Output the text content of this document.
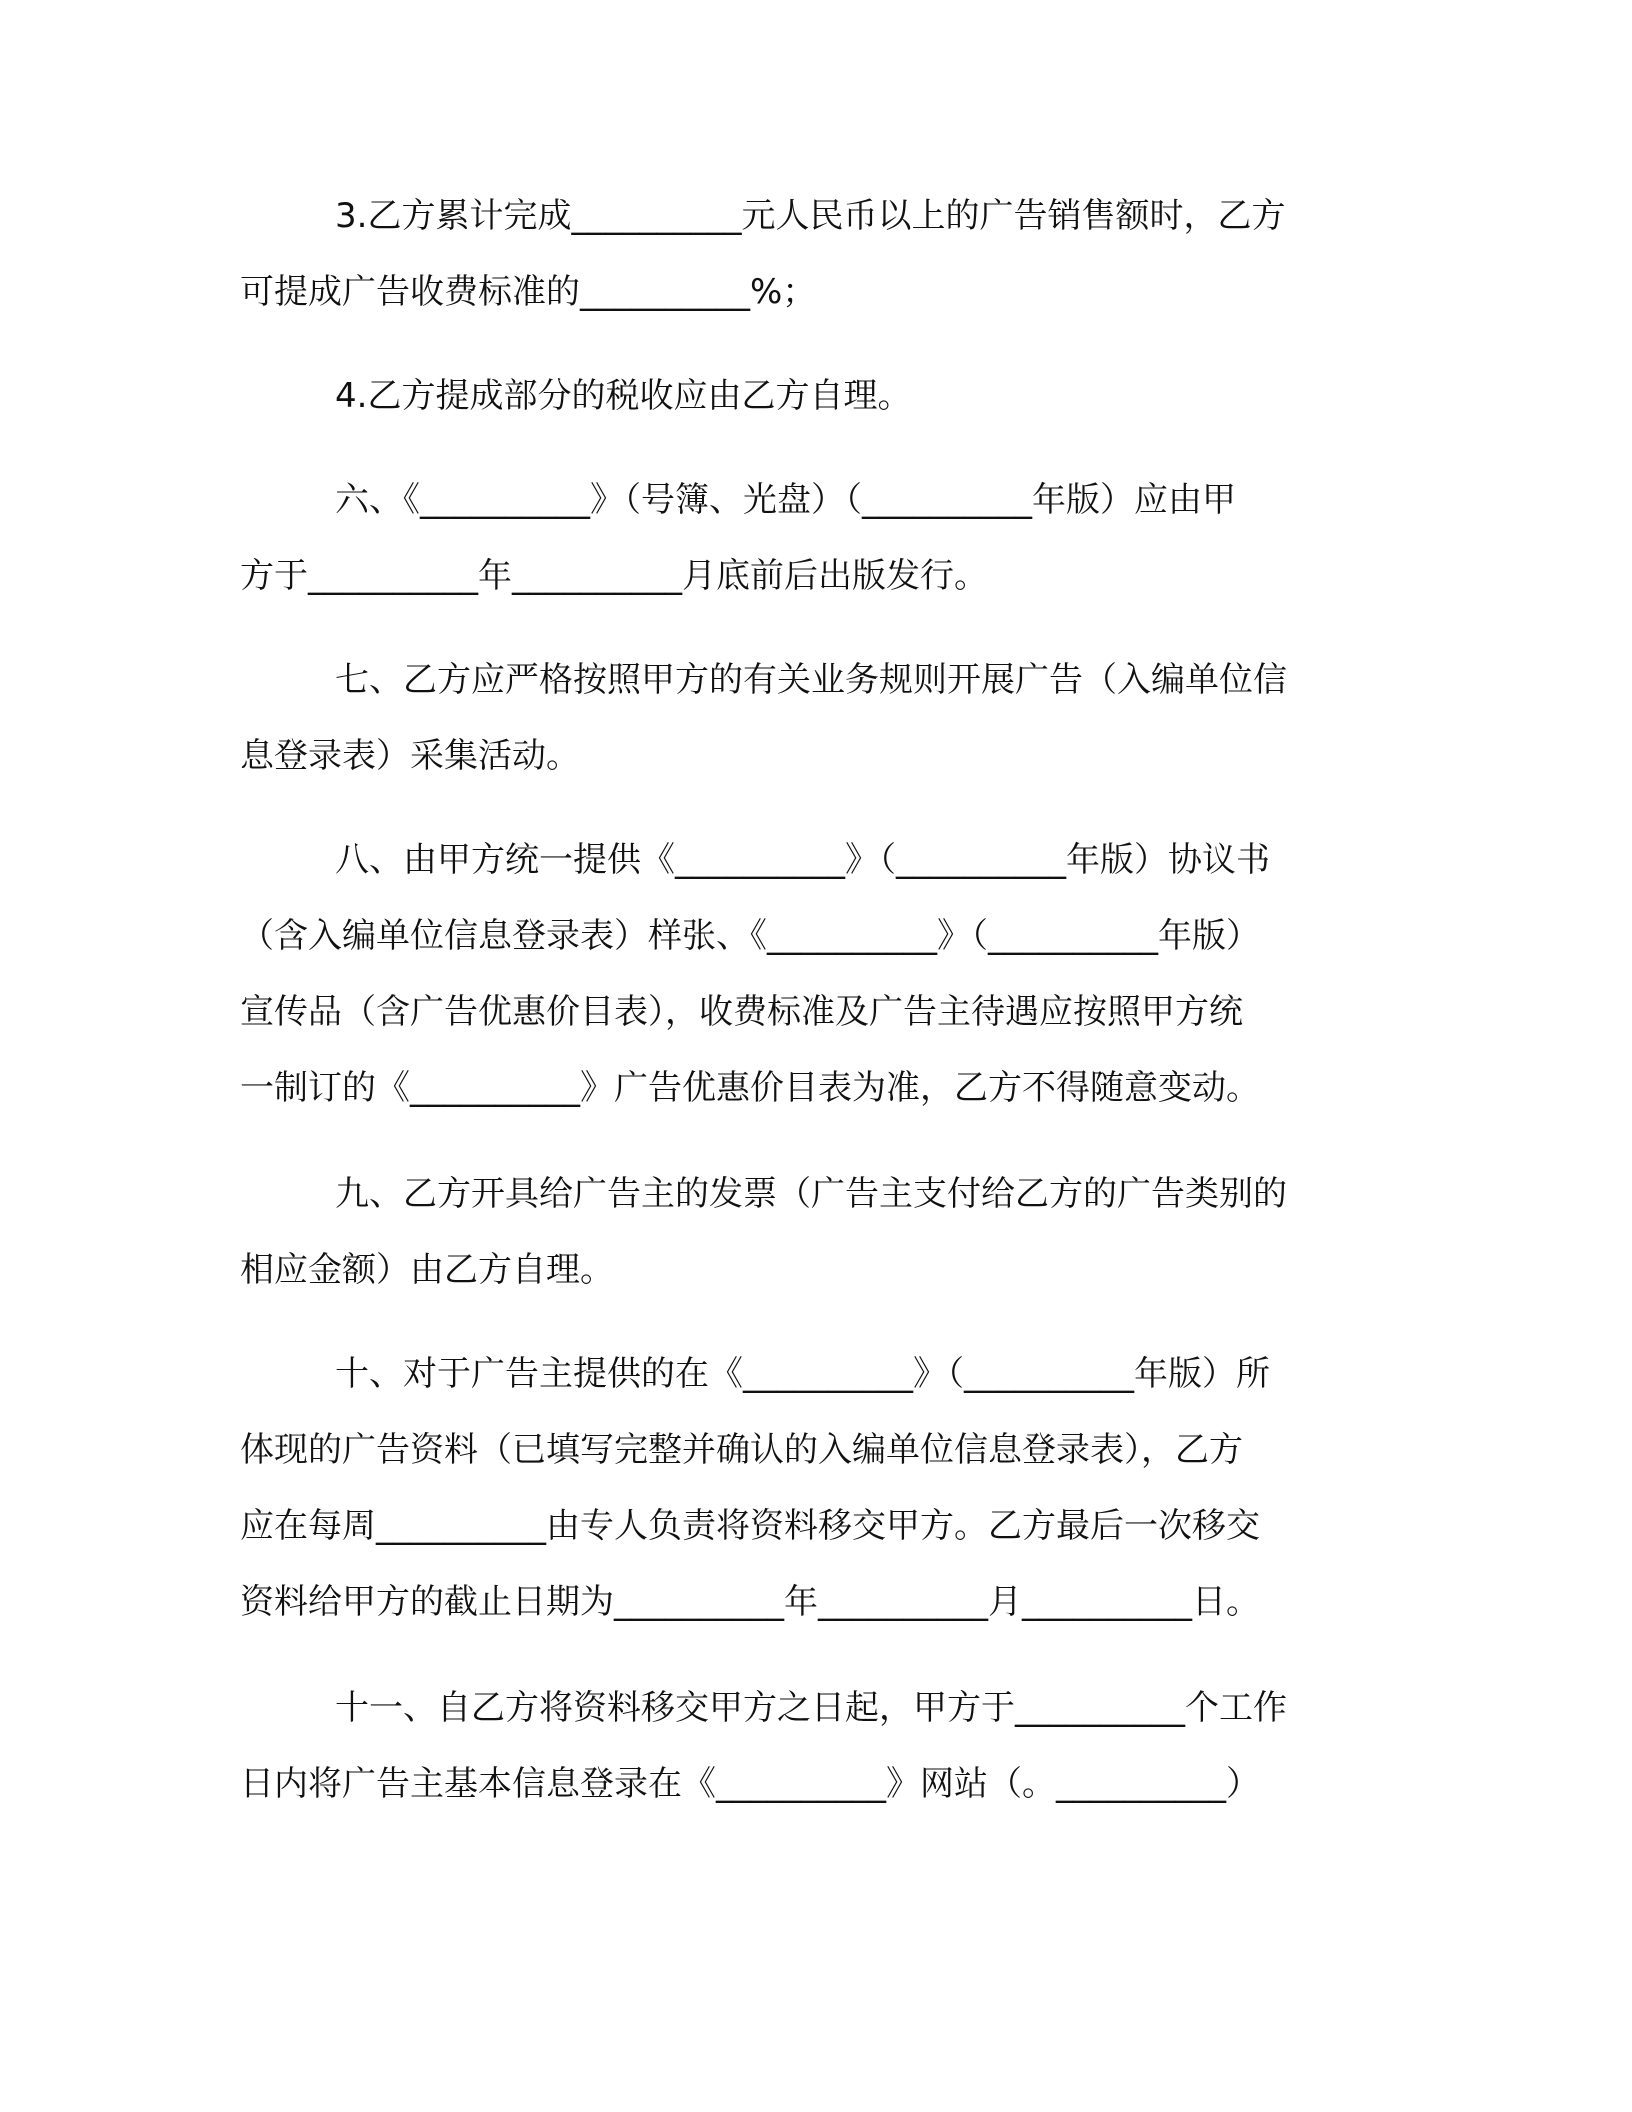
3.乙方累计完成__________元人民币以上的广告销售额时，乙方
可提成广告收费标准的__________%；
4.乙方提成部分的税收应由乙方自理。
六、《__________》（号簿、光盘）（__________年版）应由甲
方于__________年__________月底前后出版发行。
七、乙方应严格按照甲方的有关业务规则开展广告（入编单位信
息登录表）采集活动。
八、由甲方统一提供《__________》（__________年版）协议书
（含入编单位信息登录表）样张、《__________》（__________年版）
宣传品（含广告优惠价目表），收费标准及广告主待遇应按照甲方统
一制订的《__________》广告优惠价目表为准，乙方不得随意变动。
九、乙方开具给广告主的发票（广告主支付给乙方的广告类别的
相应金额）由乙方自理。
十、对于广告主提供的在《__________》（__________年版）所
体现的广告资料（已填写完整并确认的入编单位信息登录表），乙方
应在每周__________由专人负责将资料移交甲方。乙方最后一次移交
资料给甲方的截止日期为__________年__________月__________日。
十一、自乙方将资料移交甲方之日起，甲方于__________个工作
日内将广告主基本信息登录在《__________》网站（。__________）
